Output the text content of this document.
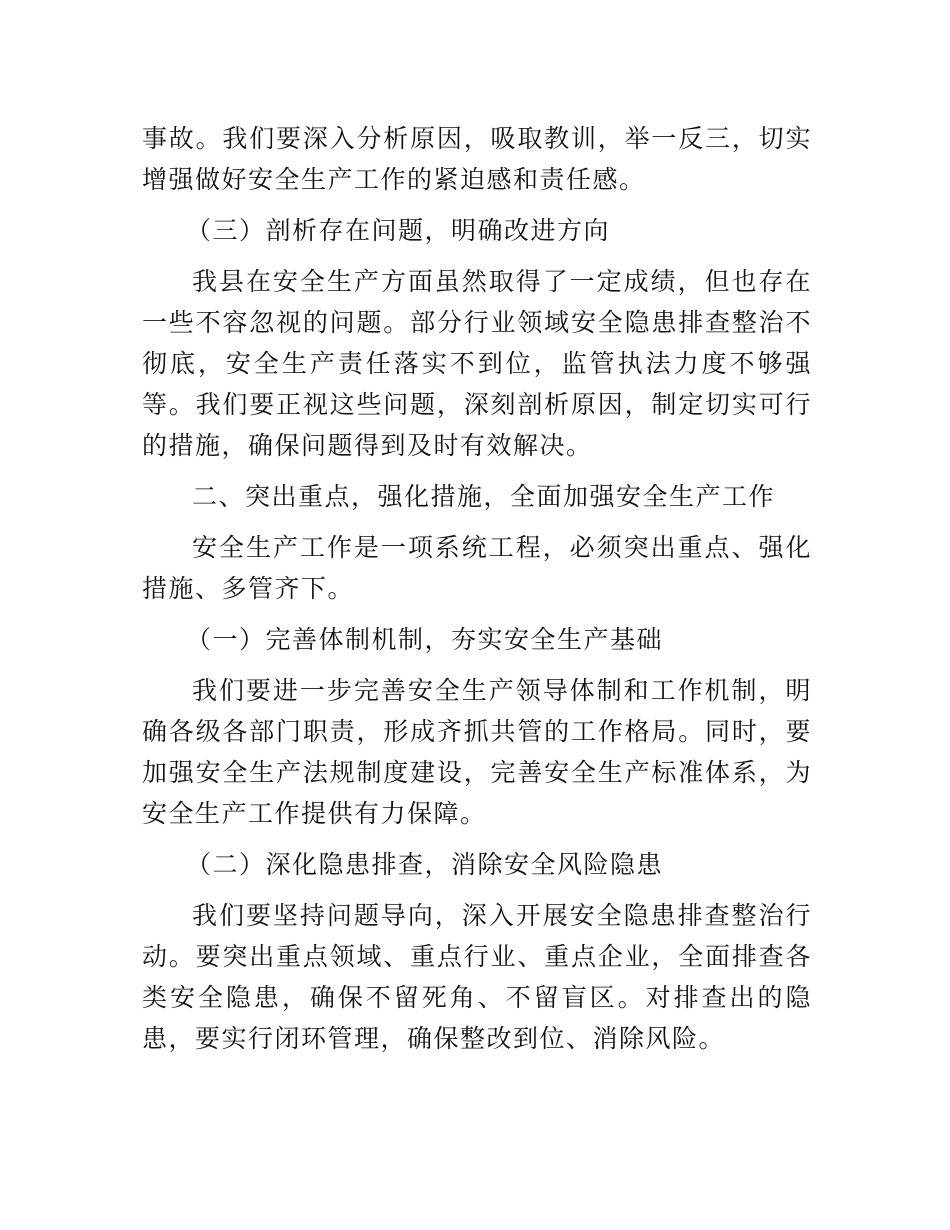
事故。我们要深入分析原因，吸取教训，举一反三，切实增强做好安全生产工作的紧迫感和责任感。

（三）剖析存在问题，明确改进方向

我县在安全生产方面虽然取得了一定成绩，但也存在一些不容忽视的问题。部分行业领域安全隐患排查整治不彻底，安全生产责任落实不到位，监管执法力度不够强等。我们要正视这些问题，深刻剖析原因，制定切实可行的措施，确保问题得到及时有效解决。

二、突出重点，强化措施，全面加强安全生产工作

安全生产工作是一项系统工程，必须突出重点、强化措施、多管齐下。

（一）完善体制机制，夯实安全生产基础

我们要进一步完善安全生产领导体制和工作机制，明确各级各部门职责，形成齐抓共管的工作格局。同时，要加强安全生产法规制度建设，完善安全生产标准体系，为安全生产工作提供有力保障。

（二）深化隐患排查，消除安全风险隐患

我们要坚持问题导向，深入开展安全隐患排查整治行动。要突出重点领域、重点行业、重点企业，全面排查各类安全隐患，确保不留死角、不留盲区。对排查出的隐患，要实行闭环管理，确保整改到位、消除风险。
